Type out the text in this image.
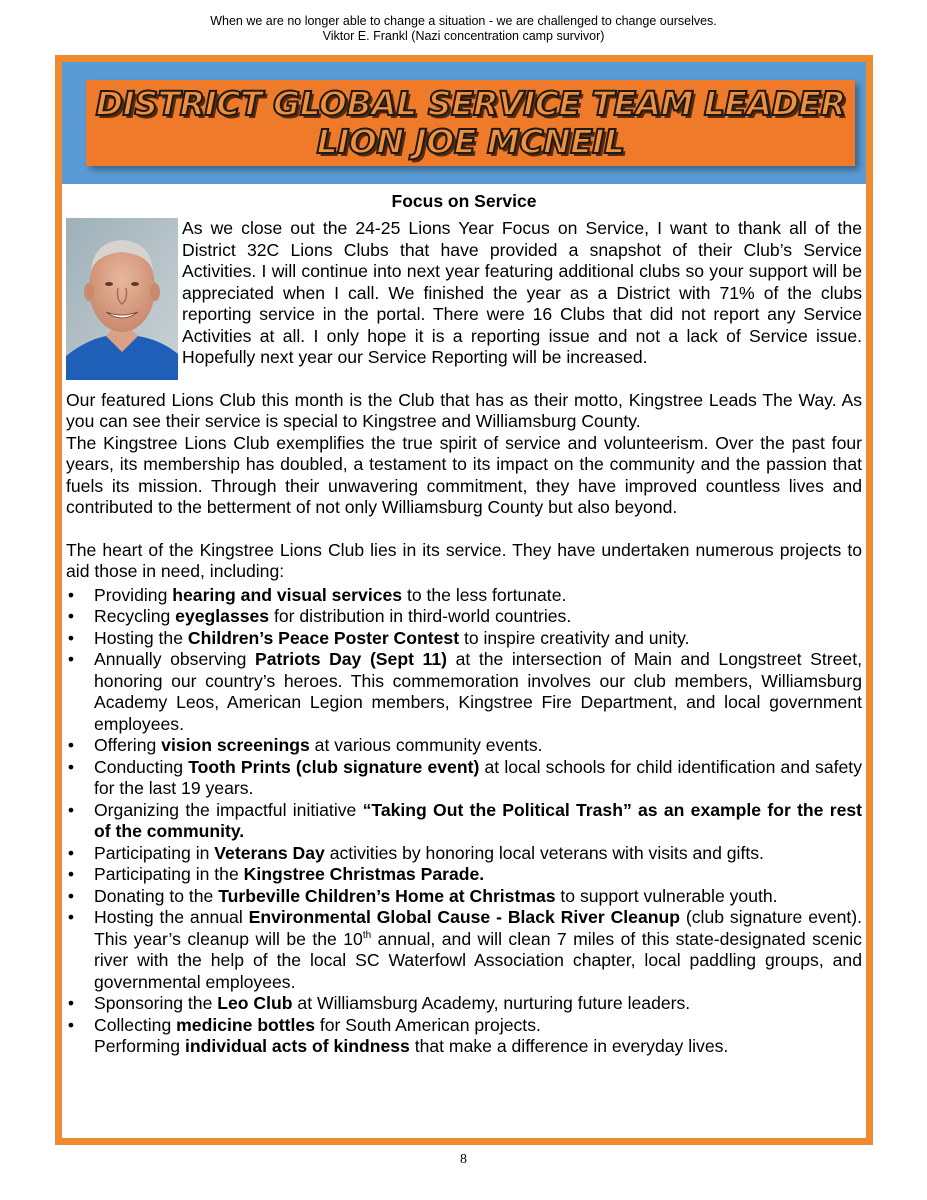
When we are no longer able to change a situation - we are challenged to change ourselves.
Viktor E. Frankl (Nazi concentration camp survivor)
DISTRICT GLOBAL SERVICE TEAM LEADER
LION JOE MCNEIL
Focus on Service

As we close out the 24-25 Lions Year Focus on Service, I want to thank all of the District 32C Lions Clubs that have provided a snapshot of their Club’s Service Activities. I will continue into next year featuring additional clubs so your support will be appreciated when I call. We finished the year as a District with 71% of the clubs reporting service in the portal. There were 16 Clubs that did not report any Service Activities at all. I only hope it is a reporting issue and not a lack of Service issue. Hopefully next year our Service Reporting will be increased.

Our featured Lions Club this month is the Club that has as their motto, Kingstree Leads The Way. As you can see their service is special to Kingstree and Williamsburg County.

The Kingstree Lions Club exemplifies the true spirit of service and volunteerism. Over the past four years, its membership has doubled, a testament to its impact on the community and the passion that fuels its mission. Through their unwavering commitment, they have improved countless lives and contributed to the betterment of not only Williamsburg County but also beyond.

The heart of the Kingstree Lions Club lies in its service. They have undertaken numerous projects to aid those in need, including:

• Providing hearing and visual services to the less fortunate.
• Recycling eyeglasses for distribution in third-world countries.
• Hosting the Children’s Peace Poster Contest to inspire creativity and unity.
• Annually observing Patriots Day (Sept 11) at the intersection of Main and Longstreet Street, honoring our country’s heroes. This commemoration involves our club members, Williamsburg Academy Leos, American Legion members, Kingstree Fire Department, and local government employees.
• Offering vision screenings at various community events.
• Conducting Tooth Prints (club signature event) at local schools for child identification and safety for the last 19 years.
• Organizing the impactful initiative “Taking Out the Political Trash” as an example for the rest of the community.
• Participating in Veterans Day activities by honoring local veterans with visits and gifts.
• Participating in the Kingstree Christmas Parade.
• Donating to the Turbeville Children’s Home at Christmas to support vulnerable youth.
• Hosting the annual Environmental Global Cause - Black River Cleanup (club signature event). This year’s cleanup will be the 10th annual, and will clean 7 miles of this state-designated scenic river with the help of the local SC Waterfowl Association chapter, local paddling groups, and governmental employees.
• Sponsoring the Leo Club at Williamsburg Academy, nurturing future leaders.
• Collecting medicine bottles for South American projects.
Performing individual acts of kindness that make a difference in everyday lives.
8
